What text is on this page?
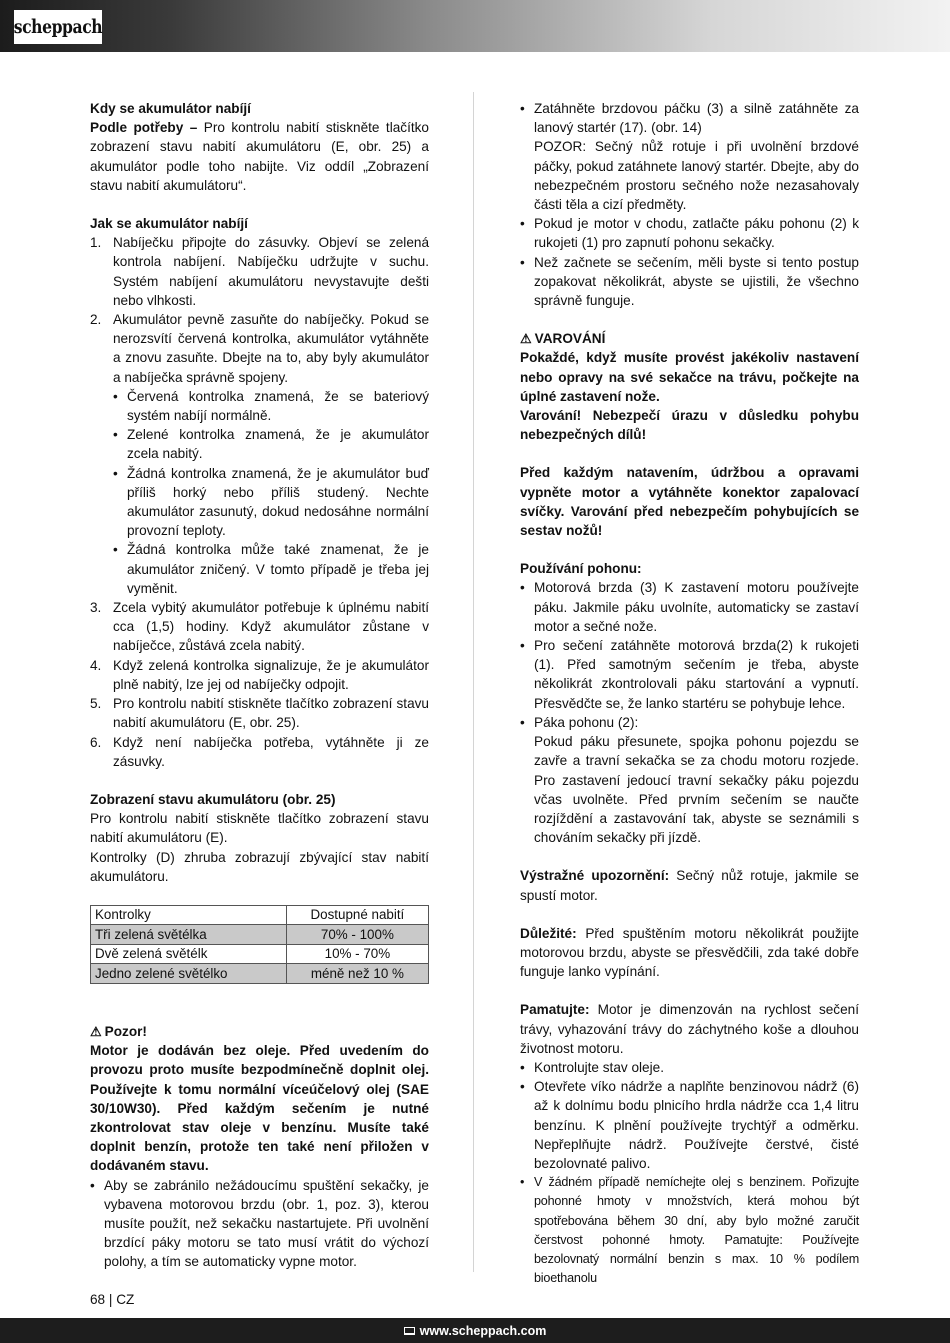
scheppach

Kdy se akumulátor nabíjí

Podle potřeby – Pro kontrolu nabití stiskněte tlačítko zobrazení stavu nabití akumulátoru (E, obr. 25) a akumulátor podle toho nabijte. Viz oddíl „Zobrazení stavu nabití akumulátoru“.

Jak se akumulátor nabíjí

1. Nabíječku připojte do zásuvky. Objeví se zelená kontrola nabíjení. Nabíječku udržujte v suchu. Systém nabíjení akumulátoru nevystavujte dešti nebo vlhkosti.
2. Akumulátor pevně zasuňte do nabíječky. Pokud se nerozsvítí červená kontrolka, akumulátor vytáhněte a znovu zasuňte. Dbejte na to, aby byly akumulátor a nabíječka správně spojeny.
• Červená kontrolka znamená, že se bateriový systém nabíjí normálně.
• Zelené kontrolka znamená, že je akumulátor zcela nabitý.
• Žádná kontrolka znamená, že je akumulátor buď příliš horký nebo příliš studený. Nechte akumulátor zasunutý, dokud nedosáhne normální provozní teploty.
• Žádná kontrolka může také znamenat, že je akumulátor zničený. V tomto případě je třeba jej vyměnit.
3. Zcela vybitý akumulátor potřebuje k úplnému nabití cca (1,5) hodiny. Když akumulátor zůstane v nabíječce, zůstává zcela nabitý.
4. Když zelená kontrolka signalizuje, že je akumulátor plně nabitý, lze jej od nabíječky odpojit.
5. Pro kontrolu nabití stiskněte tlačítko zobrazení stavu nabití akumulátoru (E, obr. 25).
6. Když není nabíječka potřeba, vytáhněte ji ze zásuvky.

Zobrazení stavu akumulátoru (obr. 25)

Pro kontrolu nabití stiskněte tlačítko zobrazení stavu nabití akumulátoru (E).

Kontrolky (D) zhruba zobrazují zbývající stav nabití akumulátoru.

Kontrolky	Dostupné nabití
Tři zelená světélka	70% - 100%
Dvě zelená světélk	10% - 70%
Jedno zelené světélko	méně než 10 %

⚠ Pozor!

Motor je dodáván bez oleje. Před uvedením do provozu proto musíte bezpodmínečně doplnit olej. Používejte k tomu normální víceúčelový olej (SAE 30/10W30). Před každým sečením je nutné zkontrolovat stav oleje v benzínu. Musíte také doplnit benzín, protože ten také není přiložen v dodávaném stavu.

• Aby se zabránilo nežádoucímu spuštění sekačky, je vybavena motorovou brzdu (obr. 1, poz. 3), kterou musíte použít, než sekačku nastartujete. Při uvolnění brzdící páky motoru se tato musí vrátit do výchozí polohy, a tím se automaticky vypne motor.
• Zatáhněte brzdovou páčku (3) a silně zatáhněte za lanový startér (17). (obr. 14)
POZOR: Sečný nůž rotuje i při uvolnění brzdové páčky, pokud zatáhnete lanový startér. Dbejte, aby do nebezpečném prostoru sečného nože nezasahovaly části těla a cizí předměty.
• Pokud je motor v chodu, zatlačte páku pohonu (2) k rukojeti (1) pro zapnutí pohonu sekačky.
• Než začnete se sečením, měli byste si tento postup zopakovat několikrát, abyste se ujistili, že všechno správně funguje.

⚠ VAROVÁNÍ

Pokaždé, když musíte provést jakékoliv nastavení nebo opravy na své sekačce na trávu, počkejte na úplné zastavení nože.

Varování! Nebezpečí úrazu v důsledku pohybu nebezpečných dílů!

Před každým natavením, údržbou a opravami vypněte motor a vytáhněte konektor zapalovací svíčky. Varování před nebezpečím pohybujících se sestav nožů!

Používání pohonu:

• Motorová brzda (3) K zastavení motoru používejte páku. Jakmile páku uvolníte, automaticky se zastaví motor a sečné nože.
• Pro sečení zatáhněte motorová brzda(2) k rukojeti (1). Před samotným sečením je třeba, abyste několikrát zkontrolovali páku startování a vypnutí. Přesvědčte se, že lanko startéru se pohybuje lehce.
• Páka pohonu (2):
Pokud páku přesunete, spojka pohonu pojezdu se zavře a travní sekačka se za chodu motoru rozjede. Pro zastavení jedoucí travní sekačky páku pojezdu včas uvolněte. Před prvním sečením se naučte rozjíždění a zastavování tak, abyste se seznámili s chováním sekačky při jízdě.

Výstražné upozornění: Sečný nůž rotuje, jakmile se spustí motor.

Důležité: Před spuštěním motoru několikrát použijte motorovou brzdu, abyste se přesvědčili, zda také dobře funguje lanko vypínání.

Pamatujte: Motor je dimenzován na rychlost sečení trávy, vyhazování trávy do záchytného koše a dlouhou životnost motoru.

• Kontrolujte stav oleje.
• Otevřete víko nádrže a naplňte benzinovou nádrž (6) až k dolnímu bodu plnicího hrdla nádrže cca 1,4 litru benzínu. K plnění používejte trychtýř a odměrku. Nepřeplňujte nádrž. Používejte čerstvé, čisté bezolovnaté palivo.
• V žádném případě nemíchejte olej s benzinem. Pořizujte pohonné hmoty v množstvích, která mohou být spotřebována během 30 dní, aby bylo možné zaručit čerstvost pohonné hmoty. Pamatujte: Používejte bezolovnatý normální benzin s max. 10 % podílem bioethanolu
68 | CZ
www.scheppach.com
